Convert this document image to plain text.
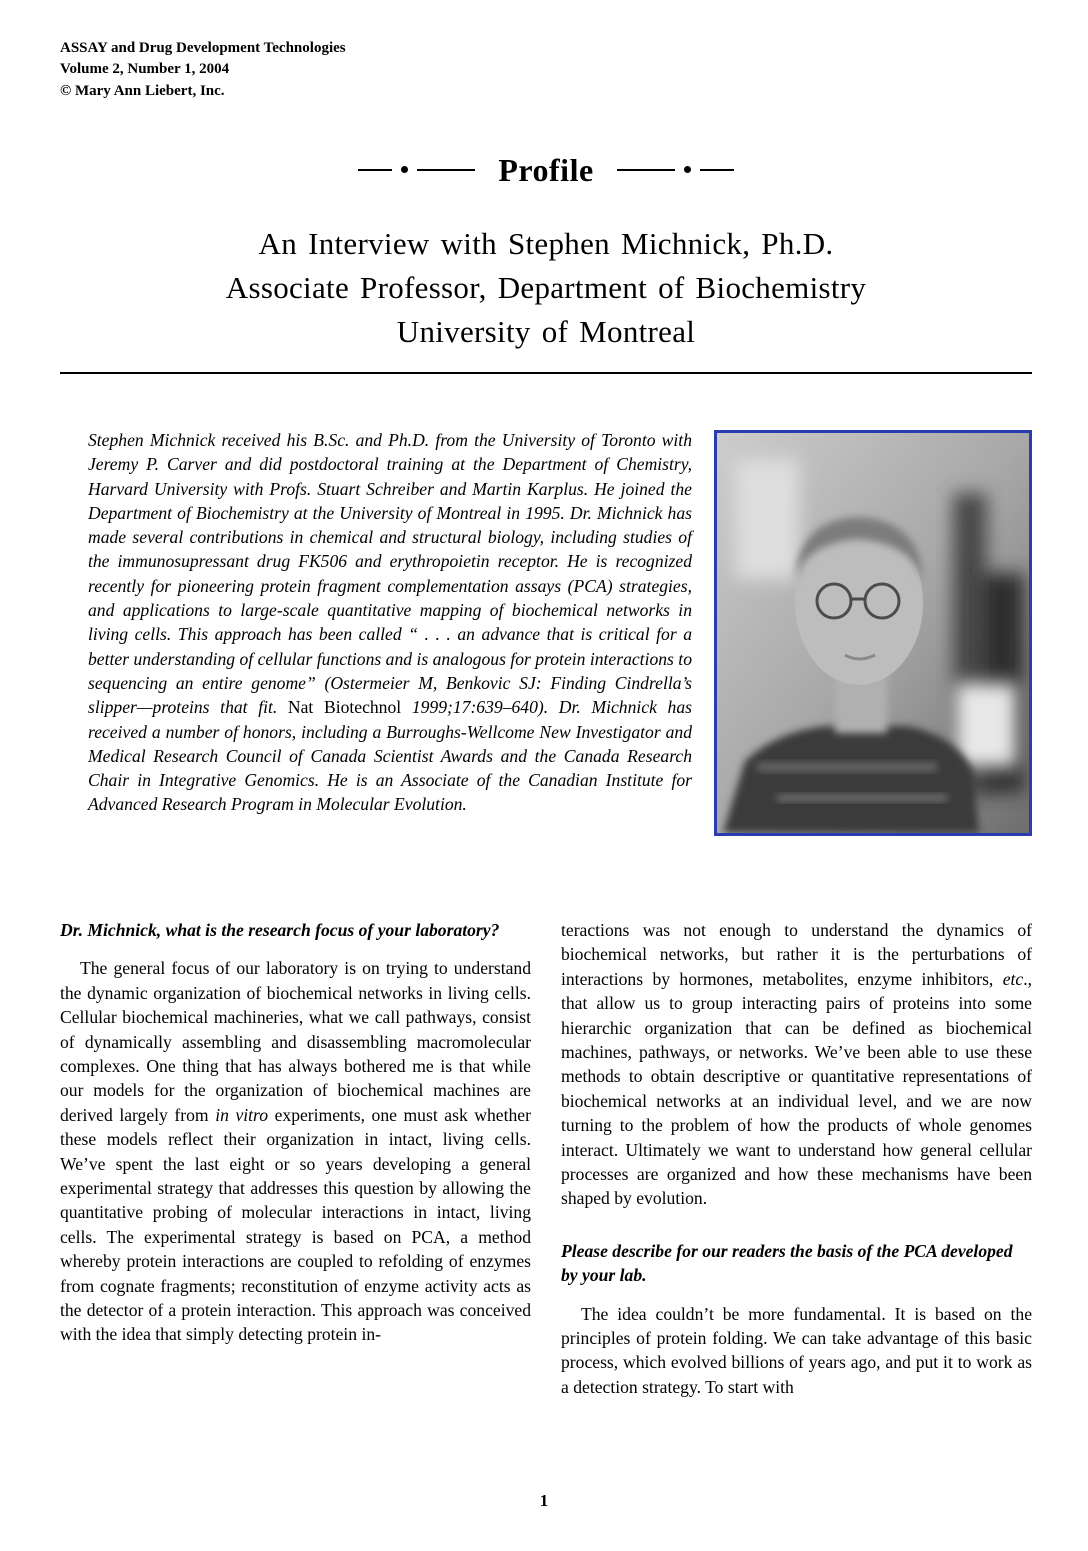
ASSAY and Drug Development Technologies
Volume 2, Number 1, 2004
© Mary Ann Liebert, Inc.
Profile
An Interview with Stephen Michnick, Ph.D.
Associate Professor, Department of Biochemistry
University of Montreal

Stephen Michnick received his B.Sc. and Ph.D. from the University of Toronto with Jeremy P. Carver and did postdoctoral training at the Department of Chemistry, Harvard University with Profs. Stuart Schreiber and Martin Karplus. He joined the Department of Biochemistry at the University of Montreal in 1995. Dr. Michnick has made several contributions in chemical and structural biology, including studies of the immunosupressant drug FK506 and erythropoietin receptor. He is recognized recently for pioneering protein fragment complementation assays (PCA) strategies, and applications to large-scale quantitative mapping of biochemical networks in living cells. This approach has been called “ . . . an advance that is critical for a better understanding of cellular functions and is analogous for protein interactions to sequencing an entire genome” (Ostermeier M, Benkovic SJ: Finding Cindrella’s slipper—proteins that fit. Nat Biotechnol 1999;17:639–640). Dr. Michnick has received a number of honors, including a Burroughs-Wellcome New Investigator and Medical Research Council of Canada Scientist Awards and the Canada Research Chair in Integrative Genomics. He is an Associate of the Canadian Institute for Advanced Research Program in Molecular Evolution.

Dr. Michnick, what is the research focus of your laboratory?

The general focus of our laboratory is on trying to understand the dynamic organization of biochemical networks in living cells. Cellular biochemical machineries, what we call pathways, consist of dynamically assembling and disassembling macromolecular complexes. One thing that has always bothered me is that while our models for the organization of biochemical machines are derived largely from in vitro experiments, one must ask whether these models reflect their organization in intact, living cells. We’ve spent the last eight or so years developing a general experimental strategy that addresses this question by allowing the quantitative probing of molecular interactions in intact, living cells. The experimental strategy is based on PCA, a method whereby protein interactions are coupled to refolding of enzymes from cognate fragments; reconstitution of enzyme activity acts as the detector of a protein interaction. This approach was conceived with the idea that simply detecting protein in-

teractions was not enough to understand the dynamics of biochemical networks, but rather it is the perturbations of interactions by hormones, metabolites, enzyme inhibitors, etc., that allow us to group interacting pairs of proteins into some hierarchic organization that can be defined as biochemical machines, pathways, or networks. We’ve been able to use these methods to obtain descriptive or quantitative representations of biochemical networks at an individual level, and we are now turning to the problem of how the products of whole genomes interact. Ultimately we want to understand how general cellular processes are organized and how these mechanisms have been shaped by evolution.

Please describe for our readers the basis of the PCA developed by your lab.

The idea couldn’t be more fundamental. It is based on the principles of protein folding. We can take advantage of this basic process, which evolved billions of years ago, and put it to work as a detection strategy. To start with

1
